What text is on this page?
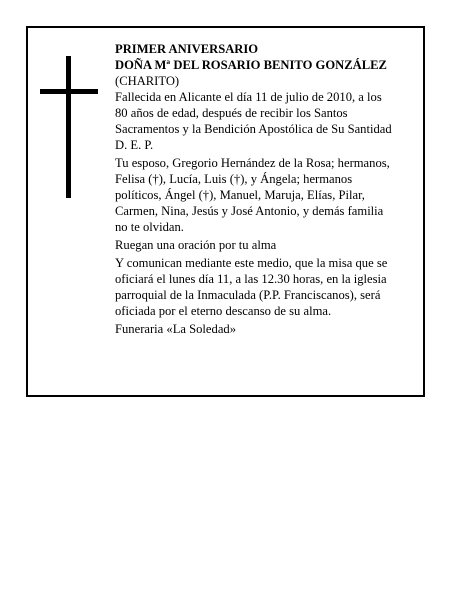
PRIMER ANIVERSARIO

DOÑA Mª DEL ROSARIO BENITO GONZÁLEZ

(CHARITO)

Fallecida en Alicante el día 11 de julio de 2010, a los

80 años de edad, después de recibir los Santos

Sacramentos y la Bendición Apostólica de Su Santidad

D. E. P.

Tu esposo, Gregorio Hernández de la Rosa; hermanos,

Felisa (†), Lucía, Luis (†), y Ángela; hermanos

políticos, Ángel (†), Manuel, Maruja, Elías, Pilar,

Carmen, Nina, Jesús y José Antonio, y demás familia

no te olvidan.

Ruegan una oración por tu alma

Y comunican mediante este medio, que la misa que se

oficiará el lunes día 11, a las 12.30 horas, en la iglesia

parroquial de la Inmaculada (P.P. Franciscanos), será

oficiada por el eterno descanso de su alma.

Funeraria «La Soledad»
